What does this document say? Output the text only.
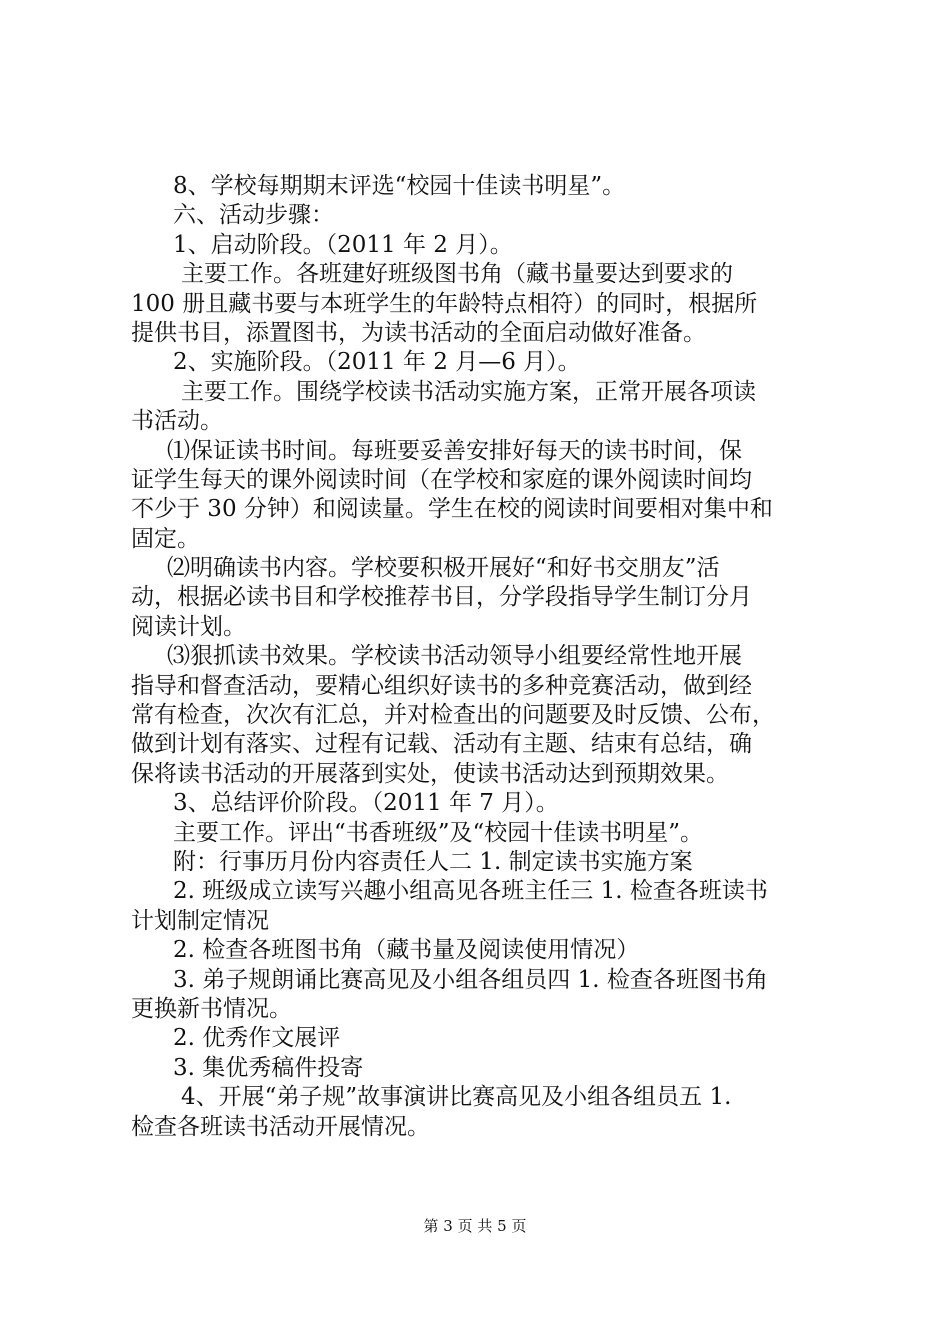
8、学校每期期末评选“校园十佳读书明星”。
六、活动步骤：
1、启动阶段。（2011 年 2 月）。
主要工作。各班建好班级图书角（藏书量要达到要求的
100 册且藏书要与本班学生的年龄特点相符）的同时，根据所
提供书目，添置图书，为读书活动的全面启动做好准备。
2、实施阶段。（2011 年 2 月—6 月）。
主要工作。围绕学校读书活动实施方案，正常开展各项读
书活动。
⑴保证读书时间。每班要妥善安排好每天的读书时间，保
证学生每天的课外阅读时间（在学校和家庭的课外阅读时间均
不少于 30 分钟）和阅读量。学生在校的阅读时间要相对集中和
固定。
⑵明确读书内容。学校要积极开展好“和好书交朋友”活
动，根据必读书目和学校推荐书目，分学段指导学生制订分月
阅读计划。
⑶狠抓读书效果。学校读书活动领导小组要经常性地开展
指导和督查活动，要精心组织好读书的多种竞赛活动，做到经
常有检查，次次有汇总，并对检查出的问题要及时反馈、公布，
做到计划有落实、过程有记载、活动有主题、结束有总结，确
保将读书活动的开展落到实处，使读书活动达到预期效果。
3、总结评价阶段。（2011 年 7 月）。
主要工作。评出“书香班级”及“校园十佳读书明星”。
附：行事历月份内容责任人二 1. 制定读书实施方案
2. 班级成立读写兴趣小组高见各班主任三 1. 检查各班读书
计划制定情况
2. 检查各班图书角（藏书量及阅读使用情况）
3. 弟子规朗诵比赛高见及小组各组员四 1. 检查各班图书角
更换新书情况。
2. 优秀作文展评
3. 集优秀稿件投寄
4、开展“弟子规”故事演讲比赛高见及小组各组员五 1.
检查各班读书活动开展情况。
第 3 页 共 5 页
